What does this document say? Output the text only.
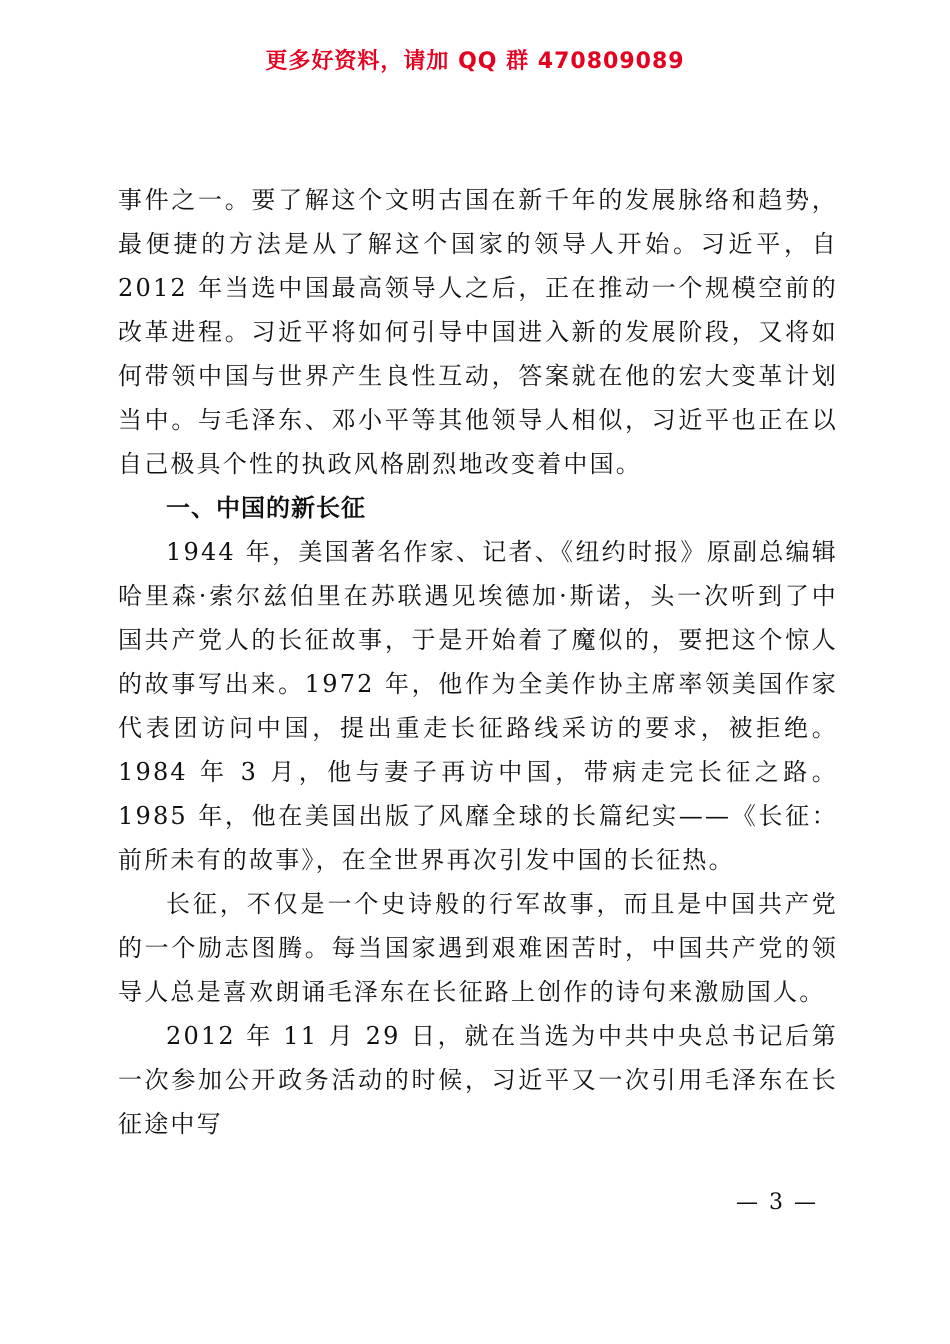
更多好资料，请加 QQ 群 470809089

事件之一。要了解这个文明古国在新千年的发展脉络和趋势，最便捷的方法是从了解这个国家的领导人开始。习近平，自 2012 年当选中国最高领导人之后，正在推动一个规模空前的改革进程。习近平将如何引导中国进入新的发展阶段，又将如何带领中国与世界产生良性互动，答案就在他的宏大变革计划当中。与毛泽东、邓小平等其他领导人相似，习近平也正在以自己极具个性的执政风格剧烈地改变着中国。

一、中国的新长征

1944 年，美国著名作家、记者、《纽约时报》原副总编辑哈里森·索尔兹伯里在苏联遇见埃德加·斯诺，头一次听到了中国共产党人的长征故事，于是开始着了魔似的，要把这个惊人的故事写出来。1972 年，他作为全美作协主席率领美国作家代表团访问中国，提出重走长征路线采访的要求，被拒绝。1984 年 3 月，他与妻子再访中国，带病走完长征之路。1985 年，他在美国出版了风靡全球的长篇纪实——《长征：前所未有的故事》，在全世界再次引发中国的长征热。

长征，不仅是一个史诗般的行军故事，而且是中国共产党的一个励志图腾。每当国家遇到艰难困苦时，中国共产党的领导人总是喜欢朗诵毛泽东在长征路上创作的诗句来激励国人。

2012 年 11 月 29 日，就在当选为中共中央总书记后第一次参加公开政务活动的时候，习近平又一次引用毛泽东在长征途中写

— 3 —
